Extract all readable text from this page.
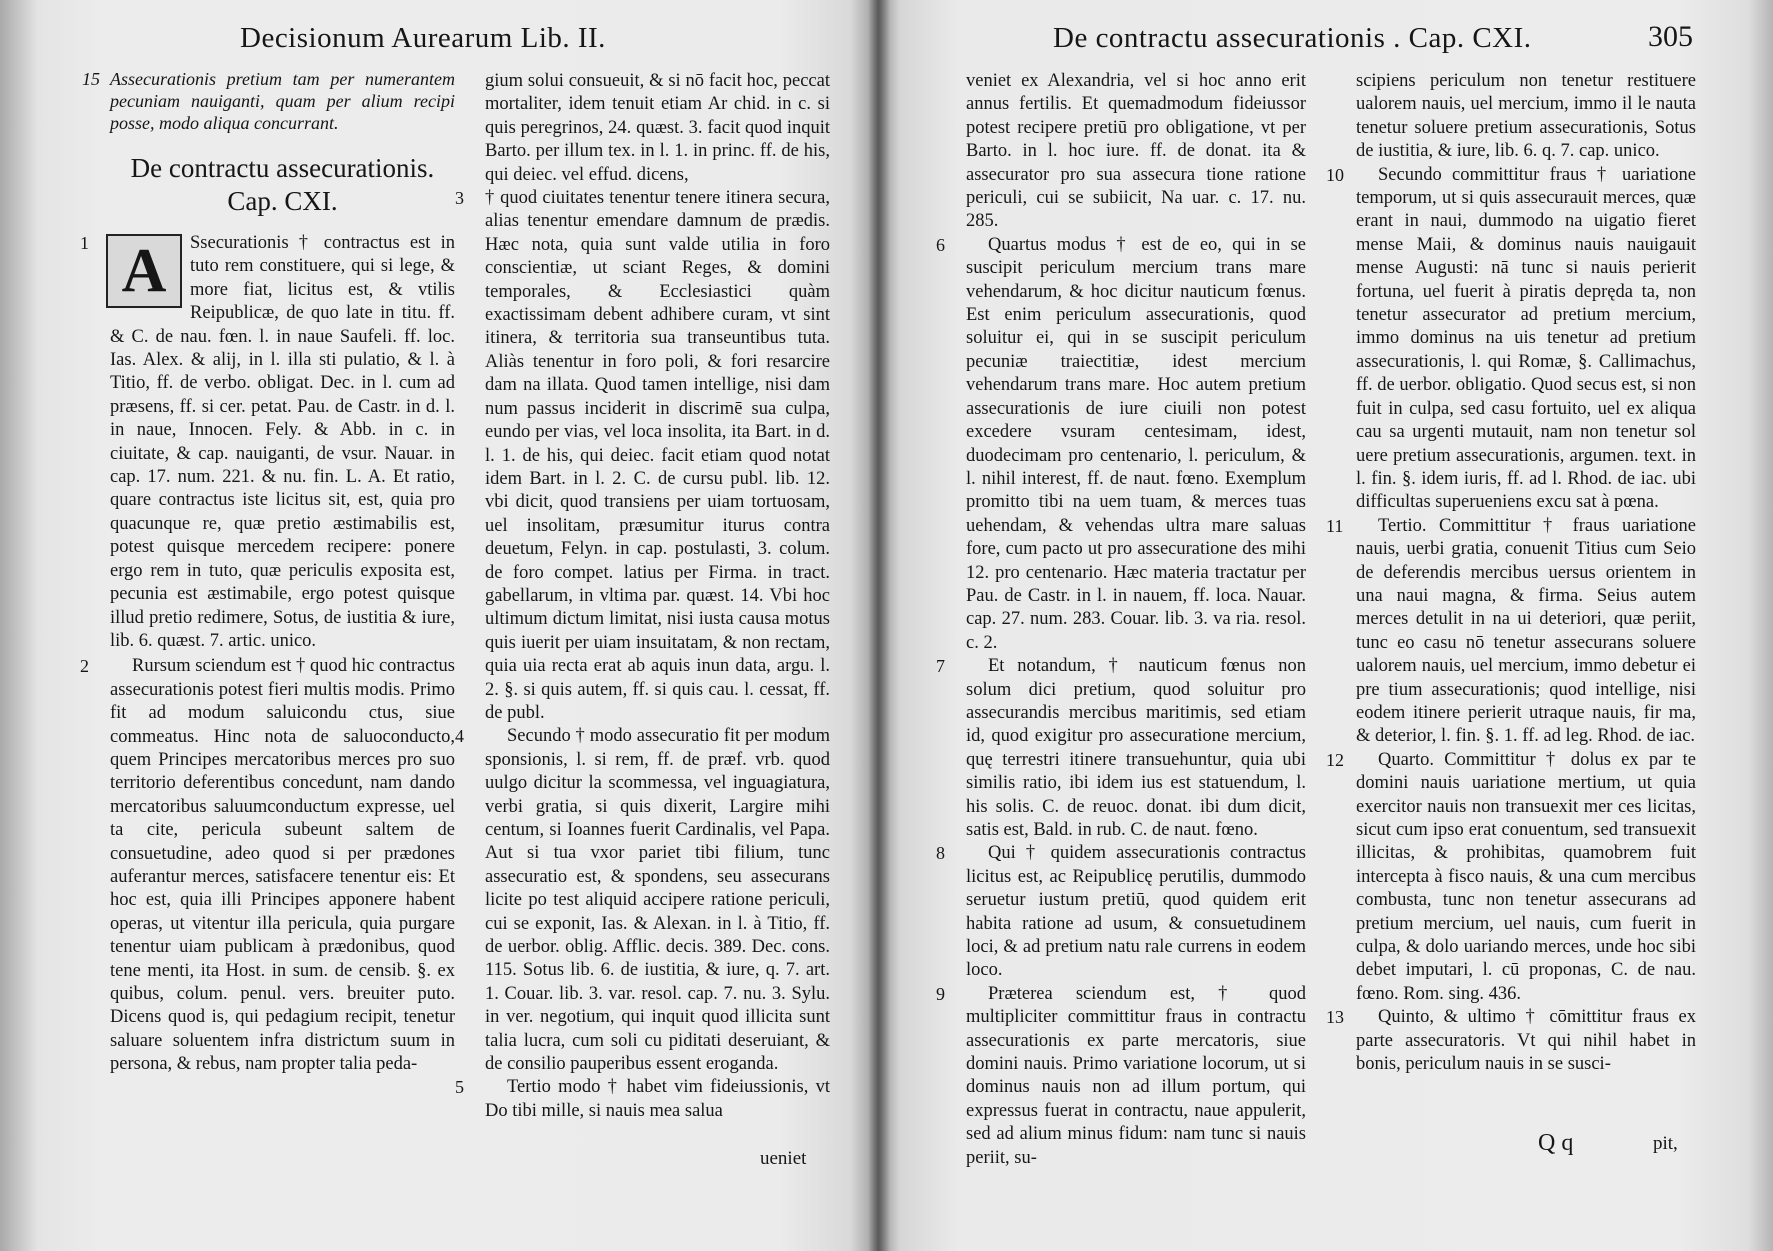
Decisionum Aurearum Lib. II.
15 Assecurationis pretium tam per numerantem pecuniam nauiganti, quam per alium recipi posse, modo aliqua concurrant.

De contractu assecurationis.
Cap. CXI.
1 A	Ssecurationis † contractus est in tuto rem constituere, qui si lege, & more fiat, licitus est, & vtilis Reipublicæ, de quo late in titu. ff. & C. de nau. fœn. l. in naue Saufeli. ff. loc. Ias. Alex. & alij, in l. illa sti pulatio, & l. à Titio, ff. de verbo. obligat. Dec. in l. cum ad præsens, ff. si cer. petat. Pau. de Castr. in d. l. in naue, Innocen. Fely. & Abb. in c. in ciuitate, & cap. nauiganti, de vsur. Nauar. in cap. 17. num. 221. & nu. fin. L. A. Et ratio, quare contractus iste licitus sit, est, quia pro quacunque re, quæ pretio æstimabilis est, potest quisque mercedem recipere: ponere ergo rem in tuto, quæ periculis exposita est, pecunia est æstimabile, ergo potest quisque illud pretio redimere, Sotus, de iustitia & iure, lib. 6. quæst. 7. artic. unico.

2	Rursum sciendum est † quod hic contractus assecurationis potest fieri multis modis. Primo fit ad modum saluicondu ctus, siue commeatus. Hinc nota de saluoconducto, quem Principes mercatoribus merces pro suo territorio deferentibus concedunt, nam dando mercatoribus saluumconductum expresse, uel ta cite, pericula subeunt saltem de consuetudine, adeo quod si per prædones auferantur merces, satisfacere tenentur eis: Et hoc est, quia illi Principes apponere habent operas, ut vitentur illa pericula, quia purgare tenentur uiam publicam à prædonibus, quod tene menti, ita Host. in sum. de censib. §. ex quibus, colum. penul. vers. breuiter puto. Dicens quod is, qui pedagium recipit, tenetur saluare soluentem infra districtum suum in persona, & rebus, nam propter talia peda-

gium solui consueuit, & si nō facit hoc, peccat mortaliter, idem tenuit etiam Ar chid. in c. si quis peregrinos, 24. quæst. 3. facit quod inquit Barto. per illum tex. in l. 1. in princ. ff. de his, qui deiec. vel effud. dicens,

3 † quod ciuitates tenentur tenere itinera secura, alias tenentur emendare damnum de prædis. Hæc nota, quia sunt valde utilia in foro conscientiæ, ut sciant Reges, & domini temporales, & Ecclesiastici quàm exactissimam debent adhibere curam, vt sint itinera, & territoria sua transeuntibus tuta. Aliàs tenentur in foro poli, & fori resarcire dam na illata. Quod tamen intellige, nisi dam num passus inciderit in discrimē sua culpa, eundo per vias, vel loca insolita, ita Bart. in d. l. 1. de his, qui deiec. facit etiam quod notat idem Bart. in l. 2. C. de cursu publ. lib. 12. vbi dicit, quod transiens per uiam tortuosam, uel insolitam, præsumitur iturus contra deuetum, Felyn. in cap. postulasti, 3. colum. de foro compet. latius per Firma. in tract. gabellarum, in vltima par. quæst. 14. Vbi hoc ultimum dictum limitat, nisi iusta causa motus quis iuerit per uiam insuitatam, & non rectam, quia uia recta erat ab aquis inun data, argu. l. 2. §. si quis autem, ff. si quis cau. l. cessat, ff. de publ.

4	Secundo † modo assecuratio fit per modum sponsionis, l. si rem, ff. de præf. vrb. quod uulgo dicitur la scommessa, vel inguagiatura, verbi gratia, si quis dixerit, Largire mihi centum, si Ioannes fuerit Cardinalis, vel Papa. Aut si tua vxor pariet tibi filium, tunc assecuratio est, & spondens, seu assecurans licite po test aliquid accipere ratione periculi, cui se exponit, Ias. & Alexan. in l. à Titio, ff. de uerbor. oblig. Afflic. decis. 389. Dec. cons. 115. Sotus lib. 6. de iustitia, & iure, q. 7. art. 1. Couar. lib. 3. var. resol. cap. 7. nu. 3. Sylu. in ver. negotium, qui inquit quod illicita sunt talia lucra, cum soli cu piditati deseruiant, & de consilio pauperibus essent eroganda.

5	Tertio modo † habet vim fideiussionis, vt Do tibi mille, si nauis mea salua

ueniet
De contractu assecurationis . Cap. CXI.	305

veniet ex Alexandria, vel si hoc anno erit annus fertilis. Et quemadmodum fideiussor potest recipere pretiū pro obligatione, vt per Barto. in l. hoc iure. ff. de donat. ita & assecurator pro sua assecura tione ratione periculi, cui se subiicit, Na uar. c. 17. nu. 285.

6	Quartus modus † est de eo, qui in se suscipit periculum mercium trans mare vehendarum, & hoc dicitur nauticum fœnus. Est enim periculum assecurationis, quod soluitur ei, qui in se suscipit periculum pecuniæ traiectitiæ, idest mercium vehendarum trans mare. Hoc autem pretium assecurationis de iure ciuili non potest excedere vsuram centesimam, idest, duodecimam pro centenario, l. periculum, & l. nihil interest, ff. de naut. fœno. Exemplum promitto tibi na uem tuam, & merces tuas uehendam, & vehendas ultra mare saluas fore, cum pacto ut pro assecuratione des mihi 12. pro centenario. Hæc materia tractatur per Pau. de Castr. in l. in nauem, ff. loca. Nauar. cap. 27. num. 283. Couar. lib. 3. va ria. resol. c. 2.

7	Et notandum, † nauticum fœnus non solum dici pretium, quod soluitur pro assecurandis mercibus maritimis, sed etiam id, quod exigitur pro assecuratione mercium, quę terrestri itinere transuehuntur, quia ubi similis ratio, ibi idem ius est statuendum, l. his solis. C. de reuoc. donat. ibi dum dicit, satis est, Bald. in rub. C. de naut. fœno.

8	Qui † quidem assecurationis contractus licitus est, ac Reipublicę perutilis, dummodo seruetur iustum pretiū, quod quidem erit habita ratione ad usum, & consuetudinem loci, & ad pretium natu rale currens in eodem loco.

9	Præterea sciendum est, † quod multipliciter committitur fraus in contractu assecurationis ex parte mercatoris, siue domini nauis. Primo variatione locorum, ut si dominus nauis non ad illum portum, qui expressus fuerat in contractu, naue appulerit, sed ad alium minus fidum: nam tunc si nauis periit, su-

scipiens periculum non tenetur restituere ualorem nauis, uel mercium, immo il le nauta tenetur soluere pretium assecurationis, Sotus de iustitia, & iure, lib. 6. q. 7. cap. unico.

10	Secundo committitur fraus † uariatione temporum, ut si quis assecurauit merces, quæ erant in naui, dummodo na uigatio fieret mense Maii, & dominus nauis nauigauit mense Augusti: nā tunc si nauis perierit fortuna, uel fuerit à piratis depręda ta, non tenetur assecurator ad pretium mercium, immo dominus na uis tenetur ad pretium assecurationis, l. qui Romæ, §. Callimachus, ff. de uerbor. obligatio. Quod secus est, si non fuit in culpa, sed casu fortuito, uel ex aliqua cau sa urgenti mutauit, nam non tenetur sol uere pretium assecurationis, argumen. text. in l. fin. §. idem iuris, ff. ad l. Rhod. de iac. ubi difficultas superueniens excu sat à pœna.

11	Tertio. Committitur † fraus uariatione nauis, uerbi gratia, conuenit Titius cum Seio de deferendis mercibus uersus orientem in una naui magna, & firma. Seius autem merces detulit in na ui deteriori, quæ periit, tunc eo casu nō tenetur assecurans soluere ualorem nauis, uel mercium, immo debetur ei pre tium assecurationis; quod intellige, nisi eodem itinere perierit utraque nauis, fir ma, & deterior, l. fin. §. 1. ff. ad leg. Rhod. de iac.

12	Quarto. Committitur † dolus ex par te domini nauis uariatione mertium, ut quia exercitor nauis non transuexit mer ces licitas, sicut cum ipso erat conuentum, sed transuexit illicitas, & prohibitas, quamobrem fuit intercepta à fisco nauis, & una cum mercibus combusta, tunc non tenetur assecurans ad pretium mercium, uel nauis, cum fuerit in culpa, & dolo uariando merces, unde hoc sibi debet imputari, l. cū proponas, C. de nau. fœno. Rom. sing. 436.

13	Quinto, & ultimo † cōmittitur fraus ex parte assecuratoris. Vt qui nihil habet in bonis, periculum nauis in se susci-

Q q	pit,
